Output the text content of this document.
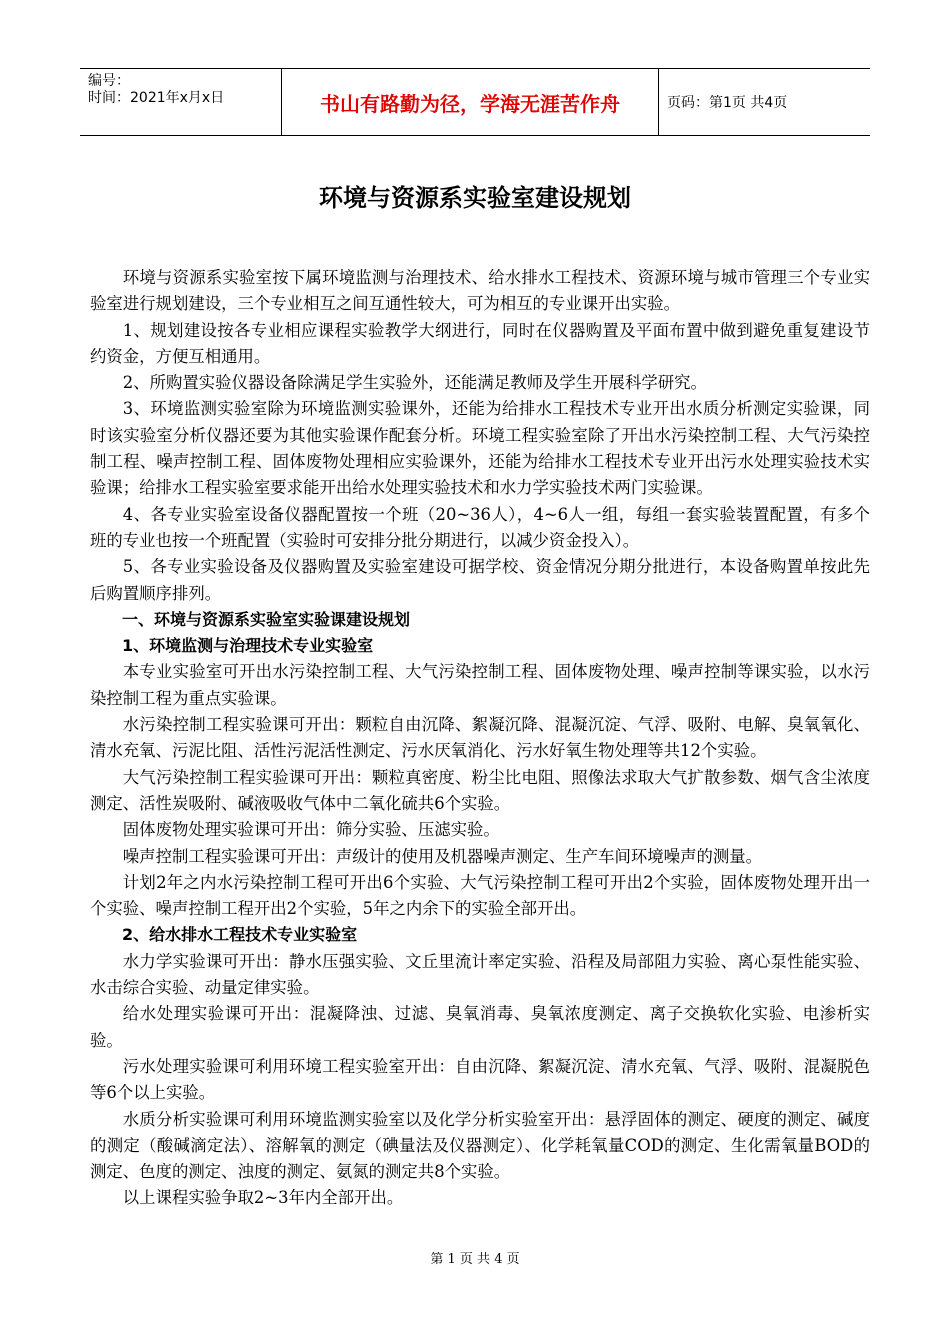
编号：
时间：2021年x月x日	书山有路勤为径，学海无涯苦作舟	页码：第1页 共4页
环境与资源系实验室建设规划

环境与资源系实验室按下属环境监测与治理技术、给水排水工程技术、资源环境与城市管理三个专业实验室进行规划建设，三个专业相互之间互通性较大，可为相互的专业课开出实验。

1、规划建设按各专业相应课程实验教学大纲进行，同时在仪器购置及平面布置中做到避免重复建设节约资金，方便互相通用。

2、所购置实验仪器设备除满足学生实验外，还能满足教师及学生开展科学研究。

3、环境监测实验室除为环境监测实验课外，还能为给排水工程技术专业开出水质分析测定实验课，同时该实验室分析仪器还要为其他实验课作配套分析。环境工程实验室除了开出水污染控制工程、大气污染控制工程、噪声控制工程、固体废物处理相应实验课外，还能为给排水工程技术专业开出污水处理实验技术实验课；给排水工程实验室要求能开出给水处理实验技术和水力学实验技术两门实验课。

4、各专业实验室设备仪器配置按一个班（20~36人），4~6人一组，每组一套实验装置配置，有多个班的专业也按一个班配置（实验时可安排分批分期进行，以减少资金投入）。

5、各专业实验设备及仪器购置及实验室建设可据学校、资金情况分期分批进行，本设备购置单按此先后购置顺序排列。

一、环境与资源系实验室实验课建设规划

1、环境监测与治理技术专业实验室

本专业实验室可开出水污染控制工程、大气污染控制工程、固体废物处理、噪声控制等课实验，以水污染控制工程为重点实验课。

水污染控制工程实验课可开出：颗粒自由沉降、絮凝沉降、混凝沉淀、气浮、吸附、电解、臭氧氧化、清水充氧、污泥比阻、活性污泥活性测定、污水厌氧消化、污水好氧生物处理等共12个实验。

大气污染控制工程实验课可开出：颗粒真密度、粉尘比电阻、照像法求取大气扩散参数、烟气含尘浓度测定、活性炭吸附、碱液吸收气体中二氧化硫共6个实验。

固体废物处理实验课可开出：筛分实验、压滤实验。

噪声控制工程实验课可开出：声级计的使用及机器噪声测定、生产车间环境噪声的测量。

计划2年之内水污染控制工程可开出6个实验、大气污染控制工程可开出2个实验，固体废物处理开出一个实验、噪声控制工程开出2个实验，5年之内余下的实验全部开出。

2、给水排水工程技术专业实验室

水力学实验课可开出：静水压强实验、文丘里流计率定实验、沿程及局部阻力实验、离心泵性能实验、水击综合实验、动量定律实验。

给水处理实验课可开出：混凝降浊、过滤、臭氧消毒、臭氧浓度测定、离子交换软化实验、电渗析实验。

污水处理实验课可利用环境工程实验室开出：自由沉降、絮凝沉淀、清水充氧、气浮、吸附、混凝脱色等6个以上实验。

水质分析实验课可利用环境监测实验室以及化学分析实验室开出：悬浮固体的测定、硬度的测定、碱度的测定（酸碱滴定法）、溶解氧的测定（碘量法及仪器测定）、化学耗氧量COD的测定、生化需氧量BOD的测定、色度的测定、浊度的测定、氨氮的测定共8个实验。

以上课程实验争取2~3年内全部开出。

第 1 页 共 4 页
